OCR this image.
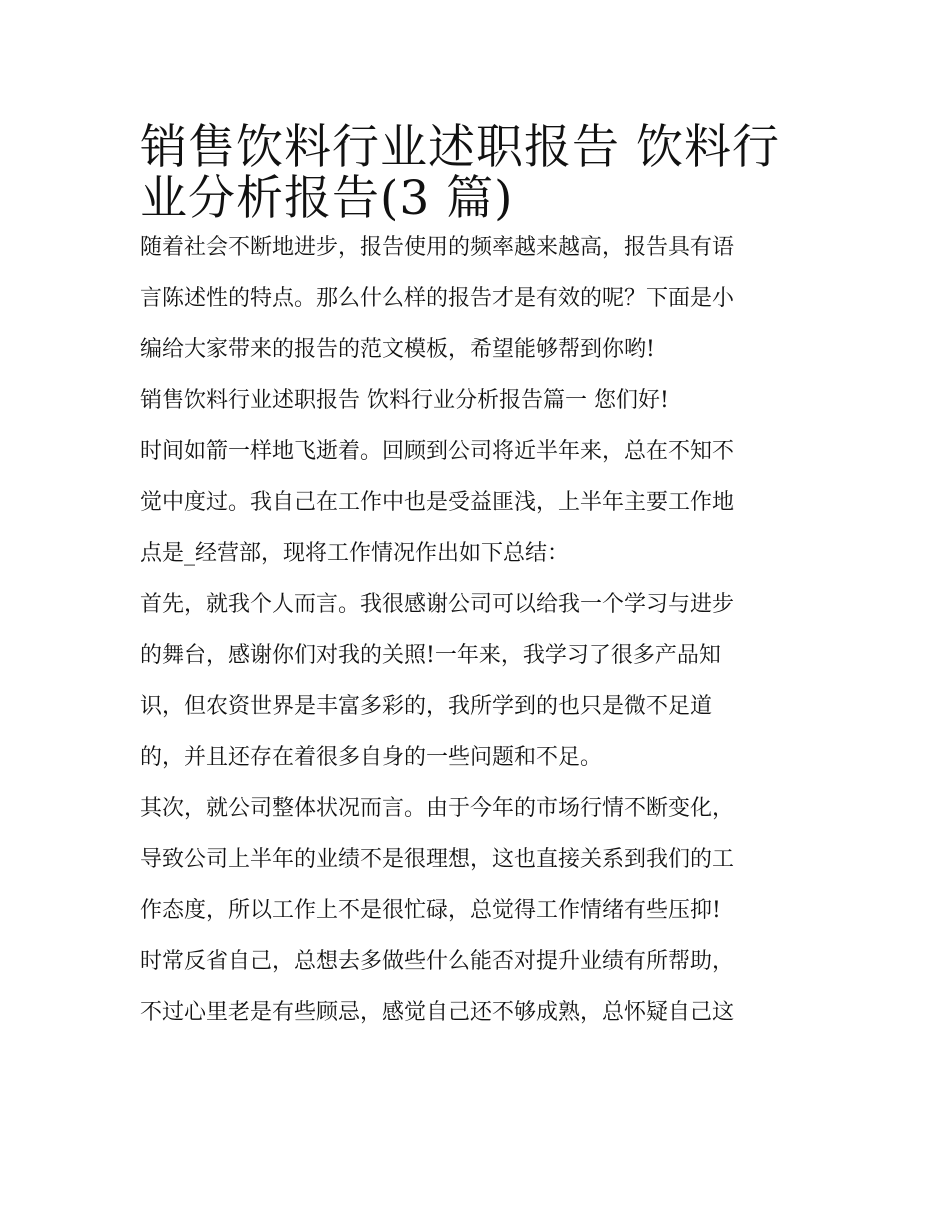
销售饮料行业述职报告 饮料行
业分析报告(3 篇)
随着社会不断地进步，报告使用的频率越来越高，报告具有语
言陈述性的特点。那么什么样的报告才是有效的呢？下面是小
编给大家带来的报告的范文模板，希望能够帮到你哟!
销售饮料行业述职报告 饮料行业分析报告篇一 您们好!
时间如箭一样地飞逝着。回顾到公司将近半年来，总在不知不
觉中度过。我自己在工作中也是受益匪浅，上半年主要工作地
点是_经营部，现将工作情况作出如下总结：
首先，就我个人而言。我很感谢公司可以给我一个学习与进步
的舞台，感谢你们对我的关照!一年来，我学习了很多产品知
识，但农资世界是丰富多彩的，我所学到的也只是微不足道
的，并且还存在着很多自身的一些问题和不足。
其次，就公司整体状况而言。由于今年的市场行情不断变化，
导致公司上半年的业绩不是很理想，这也直接关系到我们的工
作态度，所以工作上不是很忙碌，总觉得工作情绪有些压抑!
时常反省自己，总想去多做些什么能否对提升业绩有所帮助，
不过心里老是有些顾忌，感觉自己还不够成熟，总怀疑自己这
